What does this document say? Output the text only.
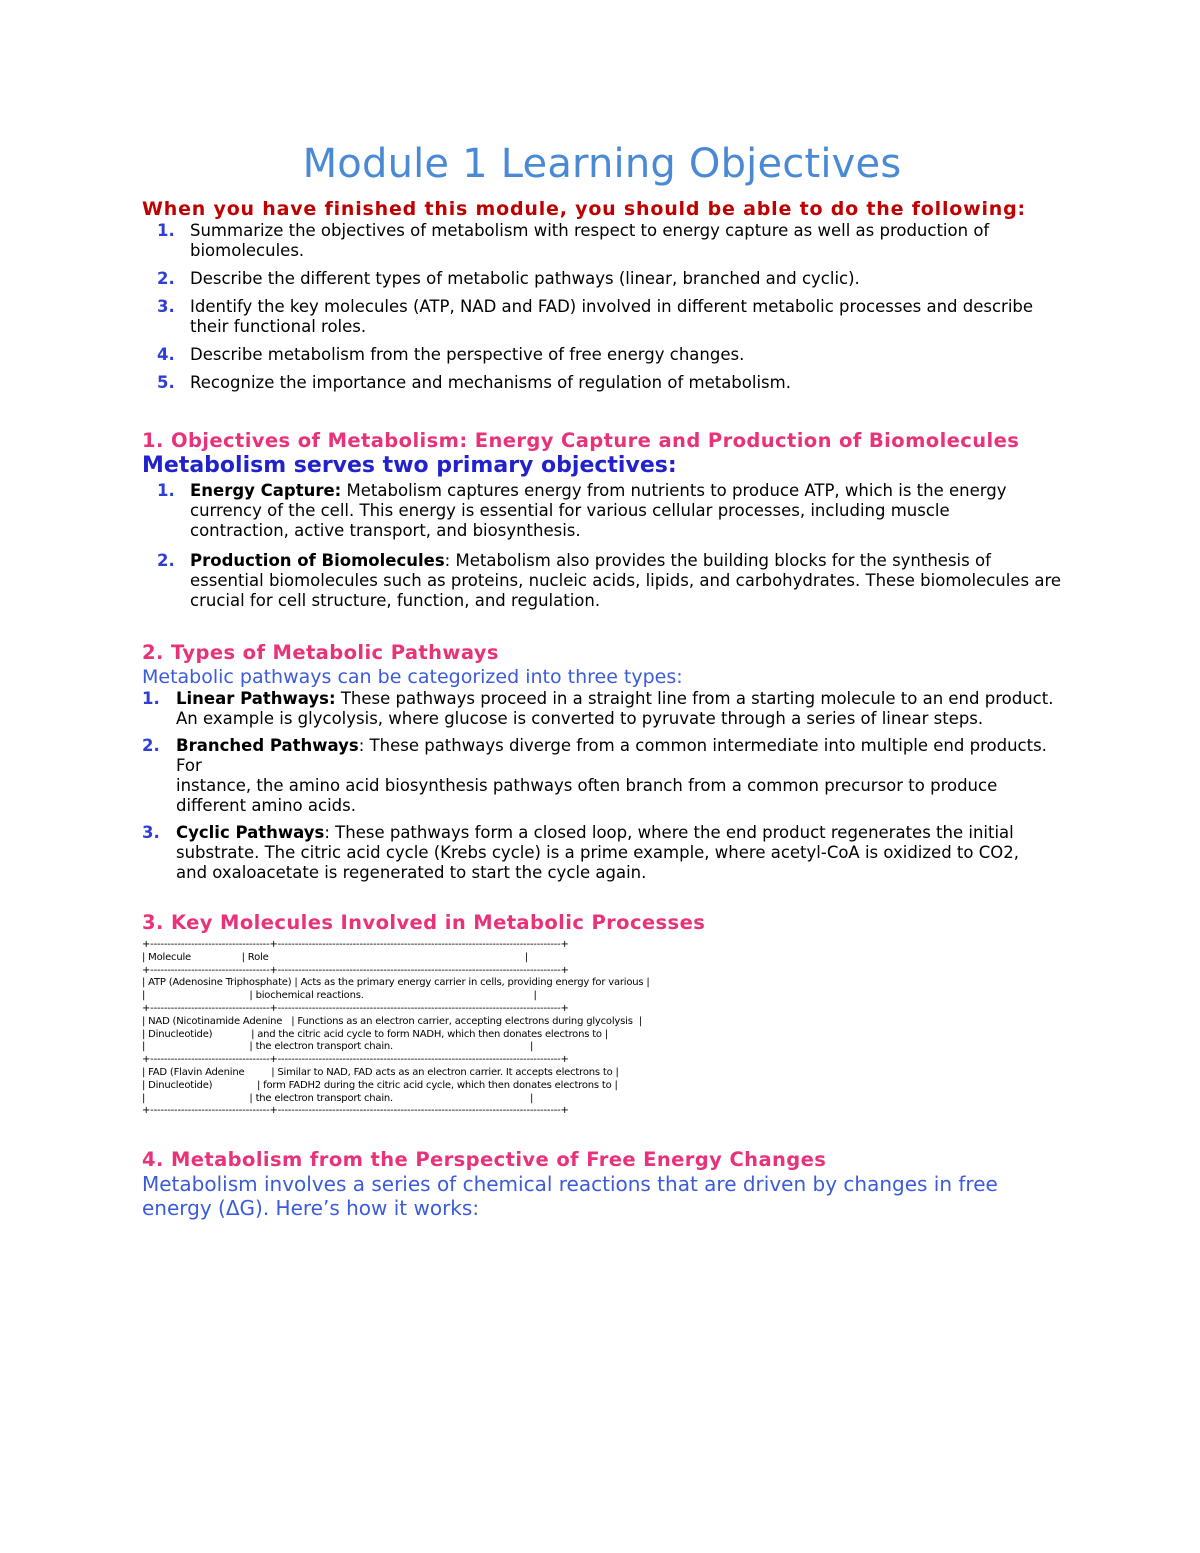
Module 1 Learning Objectives

When you have finished this module, you should be able to do the following:

1. Summarize the objectives of metabolism with respect to energy capture as well as production of biomolecules.
2. Describe the different types of metabolic pathways (linear, branched and cyclic).
3. Identify the key molecules (ATP, NAD and FAD) involved in different metabolic processes and describe their functional roles.
4. Describe metabolism from the perspective of free energy changes.
5. Recognize the importance and mechanisms of regulation of metabolism.
1. Objectives of Metabolism: Energy Capture and Production of Biomolecules

Metabolism serves two primary objectives:

1. Energy Capture: Metabolism captures energy from nutrients to produce ATP, which is the energy currency of the cell. This energy is essential for various cellular processes, including muscle
contraction, active transport, and biosynthesis.
2. Production of Biomolecules: Metabolism also provides the building blocks for the synthesis of essential biomolecules such as proteins, nucleic acids, lipids, and carbohydrates. These biomolecules are
crucial for cell structure, function, and regulation.
2. Types of Metabolic Pathways

Metabolic pathways can be categorized into three types:

1. Linear Pathways: These pathways proceed in a straight line from a starting molecule to an end product.
An example is glycolysis, where glucose is converted to pyruvate through a series of linear steps.
2. Branched Pathways: These pathways diverge from a common intermediate into multiple end products. For
instance, the amino acid biosynthesis pathways often branch from a common precursor to produce
different amino acids.
3. Cyclic Pathways: These pathways form a closed loop, where the end product regenerates the initial
substrate. The citric acid cycle (Krebs cycle) is a prime example, where acetyl-CoA is oxidized to CO2,
and oxaloacetate is regenerated to start the cycle again.
3. Key Molecules Involved in Metabolic Processes
+-----------------------------------+-----------------------------------------------------------------------------------+
| Molecule                 | Role                                                                                      |
+-----------------------------------+-----------------------------------------------------------------------------------+
| ATP (Adenosine Triphosphate) | Acts as the primary energy carrier in cells, providing energy for various |
|                                   | biochemical reactions.                                                         |
+-----------------------------------+-----------------------------------------------------------------------------------+
| NAD (Nicotinamide Adenine   | Functions as an electron carrier, accepting electrons during glycolysis  |
| Dinucleotide)             | and the citric acid cycle to form NADH, which then donates electrons to |
|                                   | the electron transport chain.                                              |
+-----------------------------------+-----------------------------------------------------------------------------------+
| FAD (Flavin Adenine         | Similar to NAD, FAD acts as an electron carrier. It accepts electrons to |
| Dinucleotide)               | form FADH2 during the citric acid cycle, which then donates electrons to |
|                                   | the electron transport chain.                                              |
+-----------------------------------+-----------------------------------------------------------------------------------+
4. Metabolism from the Perspective of Free Energy Changes

Metabolism involves a series of chemical reactions that are driven by changes in free energy (ΔG). Here’s how it works:
